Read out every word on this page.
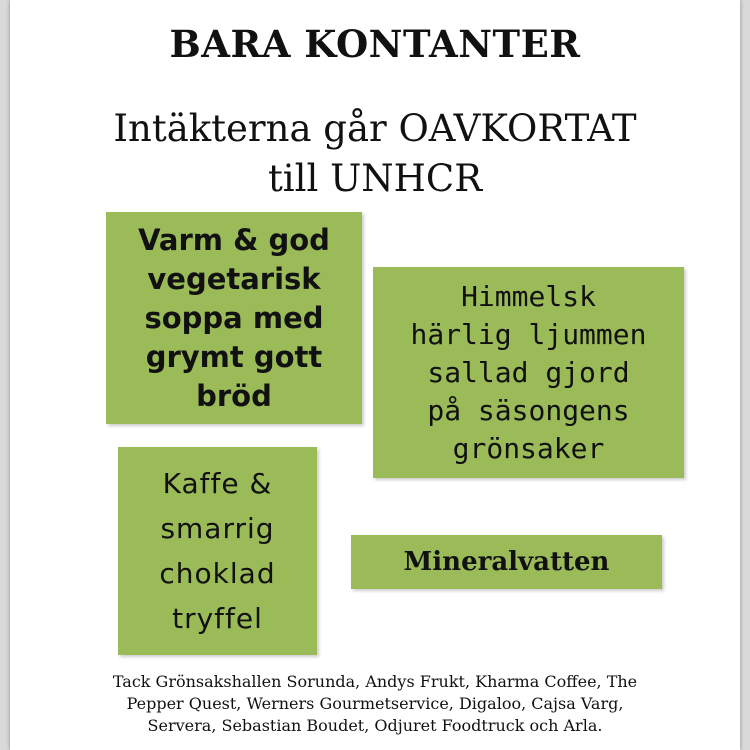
BARA KONTANTER
Intäkterna går OAVKORTAT
till UNHCR
Varm & god
vegetarisk
soppa med
grymt gott
bröd
Himmelsk
härlig ljummen
sallad gjord
på säsongens
grönsaker
Kaffe &
smarrig
choklad
tryffel
Mineralvatten
Tack Grönsakshallen Sorunda, Andys Frukt, Kharma Coffee, The
Pepper Quest, Werners Gourmetservice, Digaloo, Cajsa Varg,
Servera, Sebastian Boudet, Odjuret Foodtruck och Arla.
